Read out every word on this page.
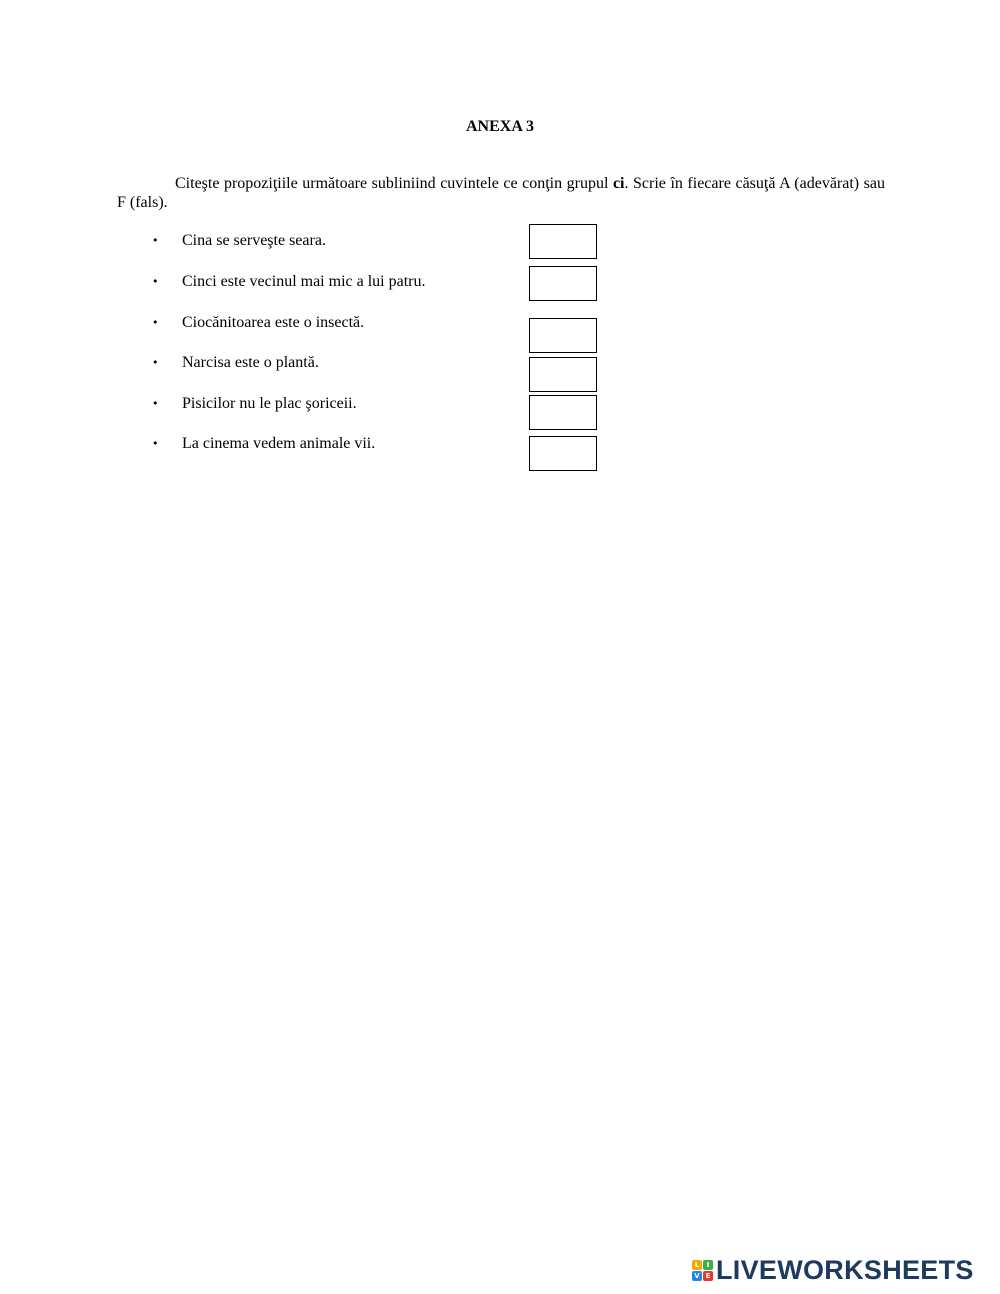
ANEXA 3
Citeşte propoziţiile următoare subliniind cuvintele ce conţin grupul ci. Scrie în fiecare căsuţă A (adevărat) sau F (fals).
• Cina se serveşte seara.
• Cinci este vecinul mai mic a lui patru.
• Ciocănitoarea este o insectă.
• Narcisa este o plantă.
• Pisicilor nu le plac şoriceii.
• La cinema vedem animale vii.
L	I
V E LIVEWORKSHEETS
